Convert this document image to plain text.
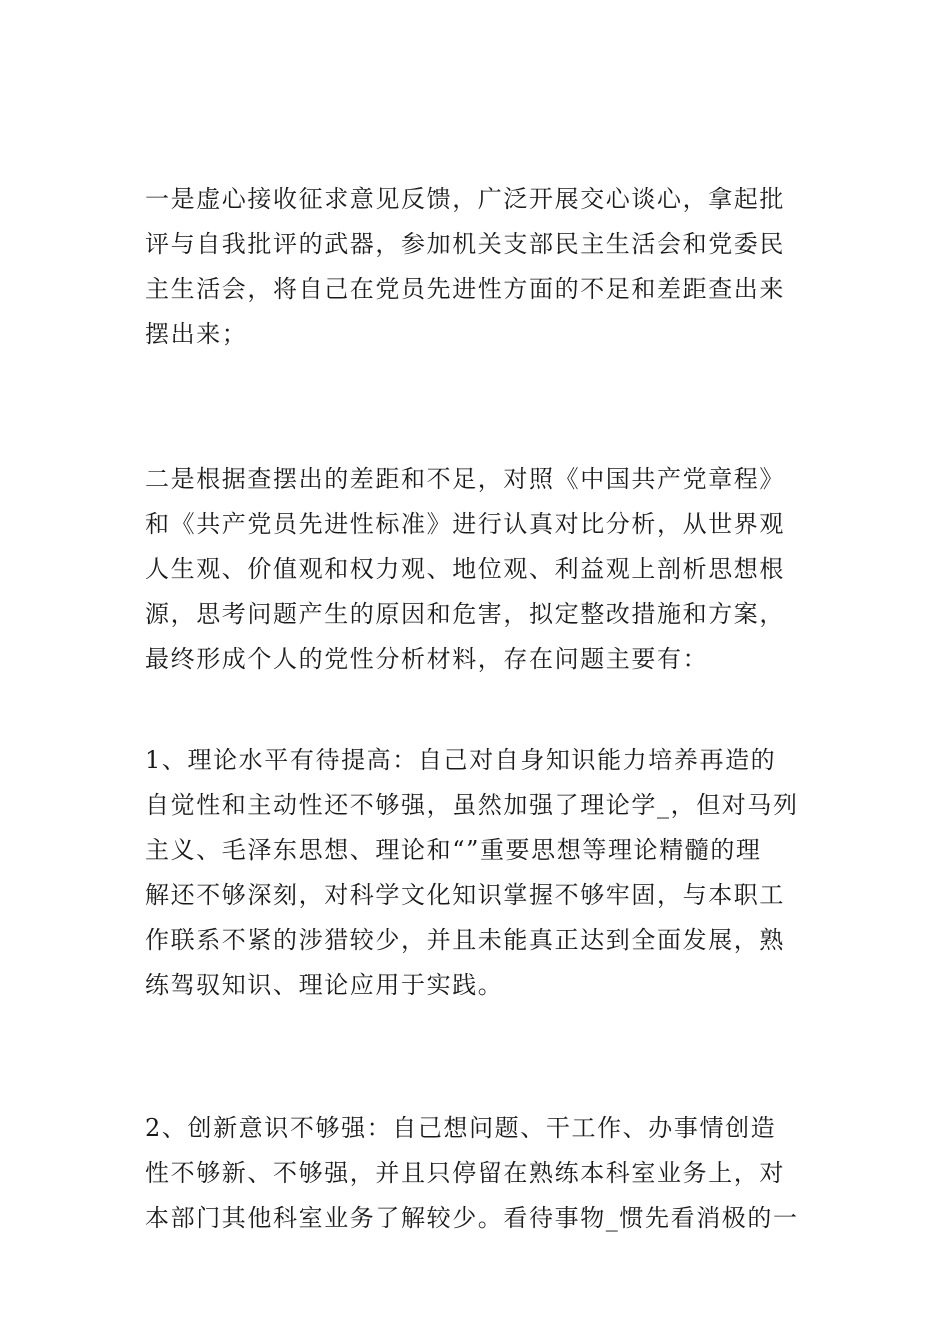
一是虚心接收征求意见反馈，广泛开展交心谈心，拿起批
评与自我批评的武器，参加机关支部民主生活会和党委民
主生活会，将自己在党员先进性方面的不足和差距查出来
摆出来；
二是根据查摆出的差距和不足，对照《中国共产党章程》
和《共产党员先进性标准》进行认真对比分析，从世界观
人生观、价值观和权力观、地位观、利益观上剖析思想根
源，思考问题产生的原因和危害，拟定整改措施和方案，
最终形成个人的党性分析材料，存在问题主要有：
1、理论水平有待提高：自己对自身知识能力培养再造的
自觉性和主动性还不够强，虽然加强了理论学_，但对马列
主义、毛泽东思想、理论和“”重要思想等理论精髓的理
解还不够深刻，对科学文化知识掌握不够牢固，与本职工
作联系不紧的涉猎较少，并且未能真正达到全面发展，熟
练驾驭知识、理论应用于实践。
2、创新意识不够强：自己想问题、干工作、办事情创造
性不够新、不够强，并且只停留在熟练本科室业务上，对
本部门其他科室业务了解较少。看待事物_惯先看消极的一
